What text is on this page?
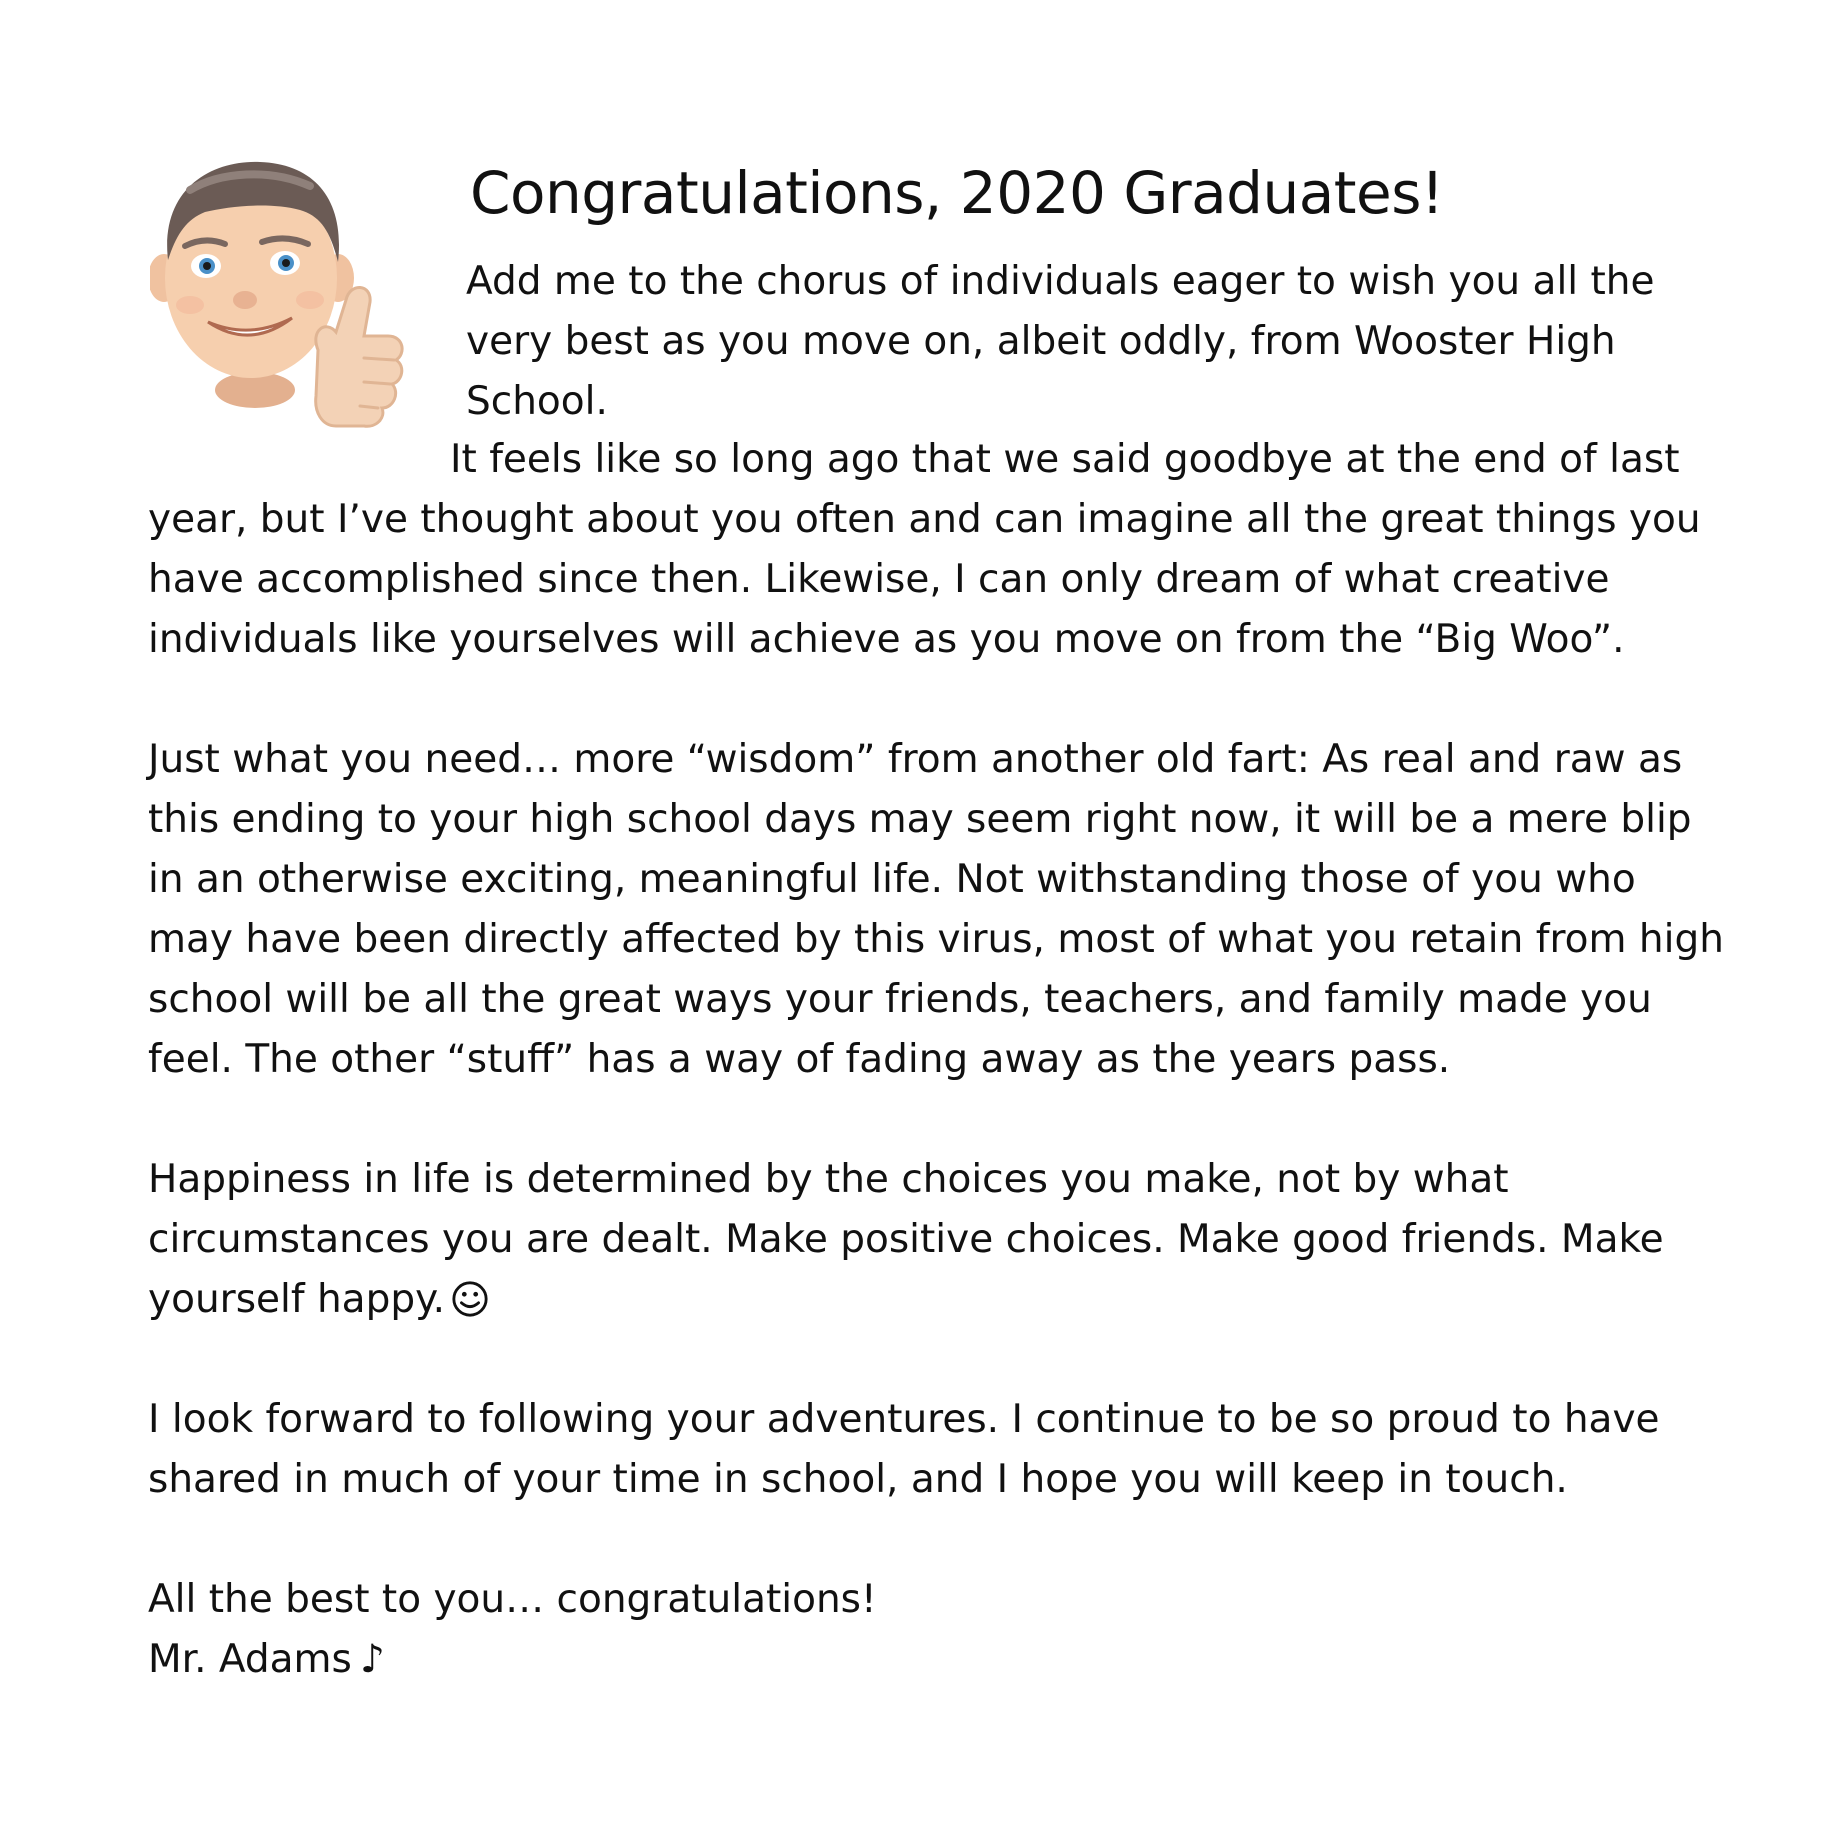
Congratulations, 2020 Graduates!

Add me to the chorus of individuals eager to wish you all the very best as you move on, albeit oddly, from Wooster High School.

It feels like so long ago that we said goodbye at the end of last year, but I’ve thought about you often and can imagine all the great things you have accomplished since then. Likewise, I can only dream of what creative individuals like yourselves will achieve as you move on from the “Big Woo”.

Just what you need… more “wisdom” from another old fart: As real and raw as this ending to your high school days may seem right now, it will be a mere blip in an otherwise exciting, meaningful life. Not withstanding those of you who may have been directly affected by this virus, most of what you retain from high school will be all the great ways your friends, teachers, and family made you feel. The other “stuff” has a way of fading away as the years pass.

Happiness in life is determined by the choices you make, not by what circumstances you are dealt. Make positive choices. Make good friends. Make yourself happy.

I look forward to following your adventures. I continue to be so proud to have shared in much of your time in school, and I hope you will keep in touch.

All the best to you… congratulations!

Mr. Adams ♪
